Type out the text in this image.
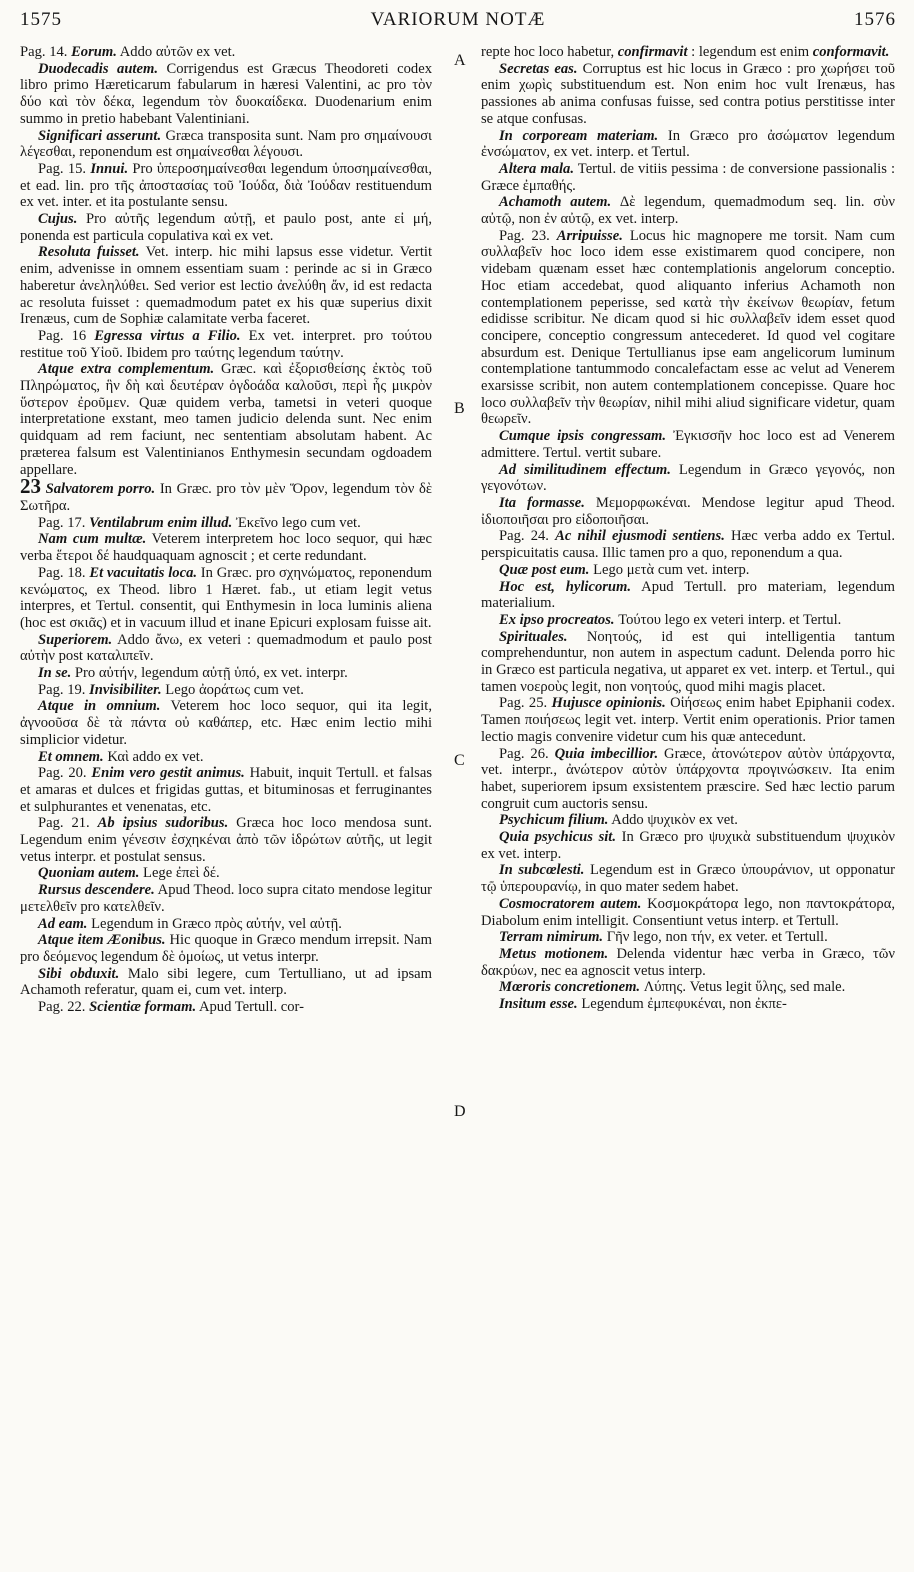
1575	VARIORUM NOTÆ	1576
A
B
C
D

Pag. 14. Eorum. Addo αὐτῶν ex vet.

Duodecadis autem. Corrigendus est Græcus Theodoreti codex libro primo Hæreticarum fabularum in hæresi Valentini, ac pro τὸν δύο καὶ τὸν δέκα, legendum τὸν δυοκαίδεκα. Duodenarium enim summo in pretio habebant Valentiniani.

Significari asserunt. Græca transposita sunt. Nam pro σημαίνουσι λέγεσθαι, reponendum est σημαίνεσθαι λέγουσι.

Pag. 15. Innui. Pro ὑπεροσημαίνεσθαι legendum ὑποσημαίνεσθαι, et ead. lin. pro τῆς ἀποστασίας τοῦ Ἰούδα, διὰ Ἰούδαν restituendum ex vet. inter. et ita postulante sensu.

Cujus. Pro αὐτῆς legendum αὐτῇ, et paulo post, ante εἰ μή, ponenda est particula copulativa καὶ ex vet.

Resoluta fuisset. Vet. interp. hic mihi lapsus esse videtur. Vertit enim, advenisse in omnem essentiam suam : perinde ac si in Græco haberetur ἀνεληλύθει. Sed verior est lectio ἀνελύθη ἄν, id est redacta ac resoluta fuisset : quemadmodum patet ex his quæ superius dixit Irenæus, cum de Sophiæ calamitate verba faceret.

Pag. 16 Egressa virtus a Filio. Ex vet. interpret. pro τούτου restitue τοῦ Υἱοῦ. Ibidem pro ταύτης legendum ταύτην.

Atque extra complementum. Græc. καὶ ἐξορισθείσης ἐκτὸς τοῦ Πληρώματος, ἣν δὴ καὶ δευτέραν ὀγδοάδα καλοῦσι, περὶ ἧς μικρὸν ὕστερον ἐροῦμεν. Quæ quidem verba, tametsi in veteri quoque interpretatione exstant, meo tamen judicio delenda sunt. Nec enim quidquam ad rem faciunt, nec sententiam absolutam habent. Ac præterea falsum est Valentinianos Enthymesin secundam ogdoadem appellare.

23 Salvatorem porro. In Græc. pro τὸν μὲν Ὅρον, legendum τὸν δὲ Σωτῆρα.

Pag. 17. Ventilabrum enim illud. Ἐκεῖνο lego cum vet.

Nam cum multæ. Veterem interpretem hoc loco sequor, qui hæc verba ἕτεροι δέ haudquaquam agnoscit ; et certe redundant.

Pag. 18. Et vacuitatis loca. In Græc. pro σχηνώματος, reponendum κενώματος, ex Theod. libro 1 Hæret. fab., ut etiam legit vetus interpres, et Tertul. consentit, qui Enthymesin in loca luminis aliena (hoc est σκιᾶς) et in vacuum illud et inane Epicuri explosam fuisse ait.

Superiorem. Addo ἄνω, ex veteri : quemadmodum et paulo post αὐτὴν post καταλιπεῖν.

In se. Pro αὐτήν, legendum αὐτῇ ὑπό, ex vet. interpr.

Pag. 19. Invisibiliter. Lego ἀοράτως cum vet.

Atque in omnium. Veterem hoc loco sequor, qui ita legit, ἀγνοοῦσα δὲ τὰ πάντα οὐ καθάπερ, etc. Hæc enim lectio mihi simplicior videtur.

Et omnem. Καὶ addo ex vet.

Pag. 20. Enim vero gestit animus. Habuit, inquit Tertull. et falsas et amaras et dulces et frigidas guttas, et bituminosas et ferruginantes et sulphurantes et venenatas, etc.

Pag. 21. Ab ipsius sudoribus. Græca hoc loco mendosa sunt. Legendum enim γένεσιν ἐσχηκέναι ἀπὸ τῶν ἱδρώτων αὐτῆς, ut legit vetus interpr. et postulat sensus.

Quoniam autem. Lege ἐπεὶ δέ.

Rursus descendere. Apud Theod. loco supra citato mendose legitur μετελθεῖν pro κατελθεῖν.

Ad eam. Legendum in Græco πρὸς αὐτήν, vel αὐτῇ.

Atque item Æonibus. Hic quoque in Græco mendum irrepsit. Nam pro δεόμενος legendum δὲ ὁμοίως, ut vetus interpr.

Sibi obduxit. Malo sibi legere, cum Tertulliano, ut ad ipsam Achamoth referatur, quam ei, cum vet. interp.

Pag. 22. Scientiæ formam. Apud Tertull. cor-

repte hoc loco habetur, confirmavit : legendum est enim conformavit.

Secretas eas. Corruptus est hic locus in Græco : pro χωρήσει τοῦ enim χωρὶς substituendum est. Non enim hoc vult Irenæus, has passiones ab anima confusas fuisse, sed contra potius perstitisse inter se atque confusas.

In corpoream materiam. In Græco pro ἀσώματον legendum ἐνσώματον, ex vet. interp. et Tertul.

Altera mala. Tertul. de vitiis pessima : de conversione passionalis : Græce ἐμπαθής.

Achamoth autem. Δὲ legendum, quemadmodum seq. lin. σὺν αὐτῷ, non ἐν αὐτῷ, ex vet. interp.

Pag. 23. Arripuisse. Locus hic magnopere me torsit. Nam cum συλλαβεῖν hoc loco idem esse existimarem quod concipere, non videbam quænam esset hæc contemplationis angelorum conceptio. Hoc etiam accedebat, quod aliquanto inferius Achamoth non contemplationem peperisse, sed κατὰ τὴν ἐκείνων θεωρίαν, fetum edidisse scribitur. Ne dicam quod si hic συλλαβεῖν idem esset quod concipere, conceptio congressum antecederet. Id quod vel cogitare absurdum est. Denique Tertullianus ipse eam angelicorum luminum contemplatione tantummodo concalefactam esse ac velut ad Venerem exarsisse scribit, non autem contemplationem concepisse. Quare hoc loco συλλαβεῖν τὴν θεωρίαν, nihil mihi aliud significare videtur, quam θεωρεῖν.

Cumque ipsis congressam. Ἐγκισσῆν hoc loco est ad Venerem admittere. Tertul. vertit subare.

Ad similitudinem effectum. Legendum in Græco γεγονός, non γεγονότων.

Ita formasse. Μεμορφωκέναι. Mendose legitur apud Theod. ἰδιοποιῆσαι pro εἰδοποιῆσαι.

Pag. 24. Ac nihil ejusmodi sentiens. Hæc verba addo ex Tertul. perspicuitatis causa. Illic tamen pro a quo, reponendum a qua.

Quæ post eum. Lego μετὰ cum vet. interp.

Hoc est, hylicorum. Apud Tertull. pro materiam, legendum materialium.

Ex ipso procreatos. Τούτου lego ex veteri interp. et Tertul.

Spirituales. Νοητούς, id est qui intelligentia tantum comprehenduntur, non autem in aspectum cadunt. Delenda porro hic in Græco est particula negativa, ut apparet ex vet. interp. et Tertul., qui tamen νοεροὺς legit, non νοητούς, quod mihi magis placet.

Pag. 25. Hujusce opinionis. Οἰήσεως enim habet Epiphanii codex. Tamen ποιήσεως legit vet. interp. Vertit enim operationis. Prior tamen lectio magis convenire videtur cum his quæ antecedunt.

Pag. 26. Quia imbecillior. Græce, ἀτονώτερον αὐτὸν ὑπάρχοντα, vet. interpr., ἀνώτερον αὐτὸν ὑπάρχοντα προγινώσκειν. Ita enim habet, superiorem ipsum exsistentem præscire. Sed hæc lectio parum congruit cum auctoris sensu.

Psychicum filium. Addo ψυχικὸν ex vet.

Quia psychicus sit. In Græco pro ψυχικὰ substituendum ψυχικὸν ex vet. interp.

In subcœlesti. Legendum est in Græco ὑπουράνιον, ut opponatur τῷ ὑπερουρανίῳ, in quo mater sedem habet.

Cosmocratorem autem. Κοσμοκράτορα lego, non παντοκράτορα, Diabolum enim intelligit. Consentiunt vetus interp. et Tertull.

Terram nimirum. Γῆν lego, non τήν, ex veter. et Tertull.

Metus motionem. Delenda videntur hæc verba in Græco, τῶν δακρύων, nec ea agnoscit vetus interp.

Mœroris concretionem. Λύπης. Vetus legit ὕλης, sed male.

Insitum esse. Legendum ἐμπεφυκέναι, non ἐκπε-
